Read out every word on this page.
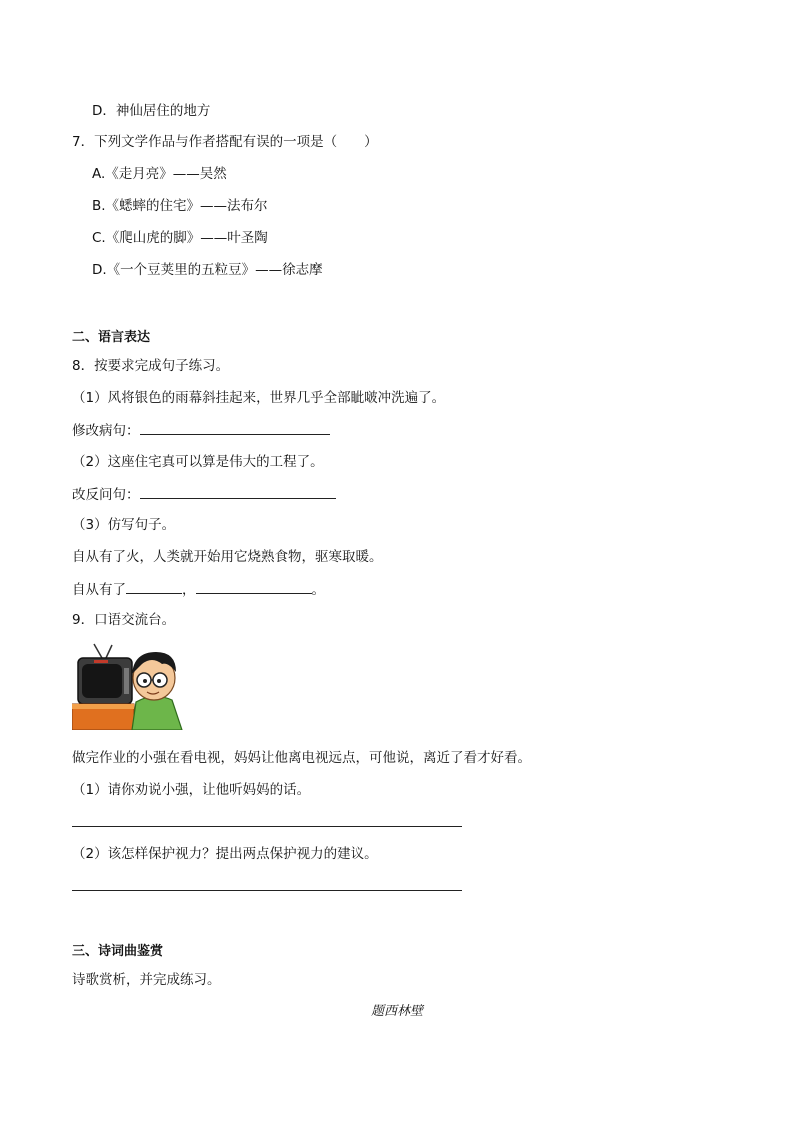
D．神仙居住的地方
7．下列文学作品与作者搭配有误的一项是（　　）
A.《走月亮》——吴然
B.《蟋蟀的住宅》——法布尔
C.《爬山虎的脚》——叶圣陶
D.《一个豆荚里的五粒豆》——徐志摩
二、语言表达
8．按要求完成句子练习。
（1）风将银色的雨幕斜挂起来，世界几乎全部眦啵冲洗遍了。
修改病句：
（2）这座住宅真可以算是伟大的工程了。
改反问句：
（3）仿写句子。
自从有了火，人类就开始用它烧熟食物，驱寒取暖。
自从有了	，	。
9．口语交流台。
做完作业的小强在看电视，妈妈让他离电视远点，可他说，离近了看才好看。
（1）请你劝说小强，让他听妈妈的话。
（2）该怎样保护视力？提出两点保护视力的建议。
三、诗词曲鉴赏
诗歌赏析，并完成练习。
题西林壁
